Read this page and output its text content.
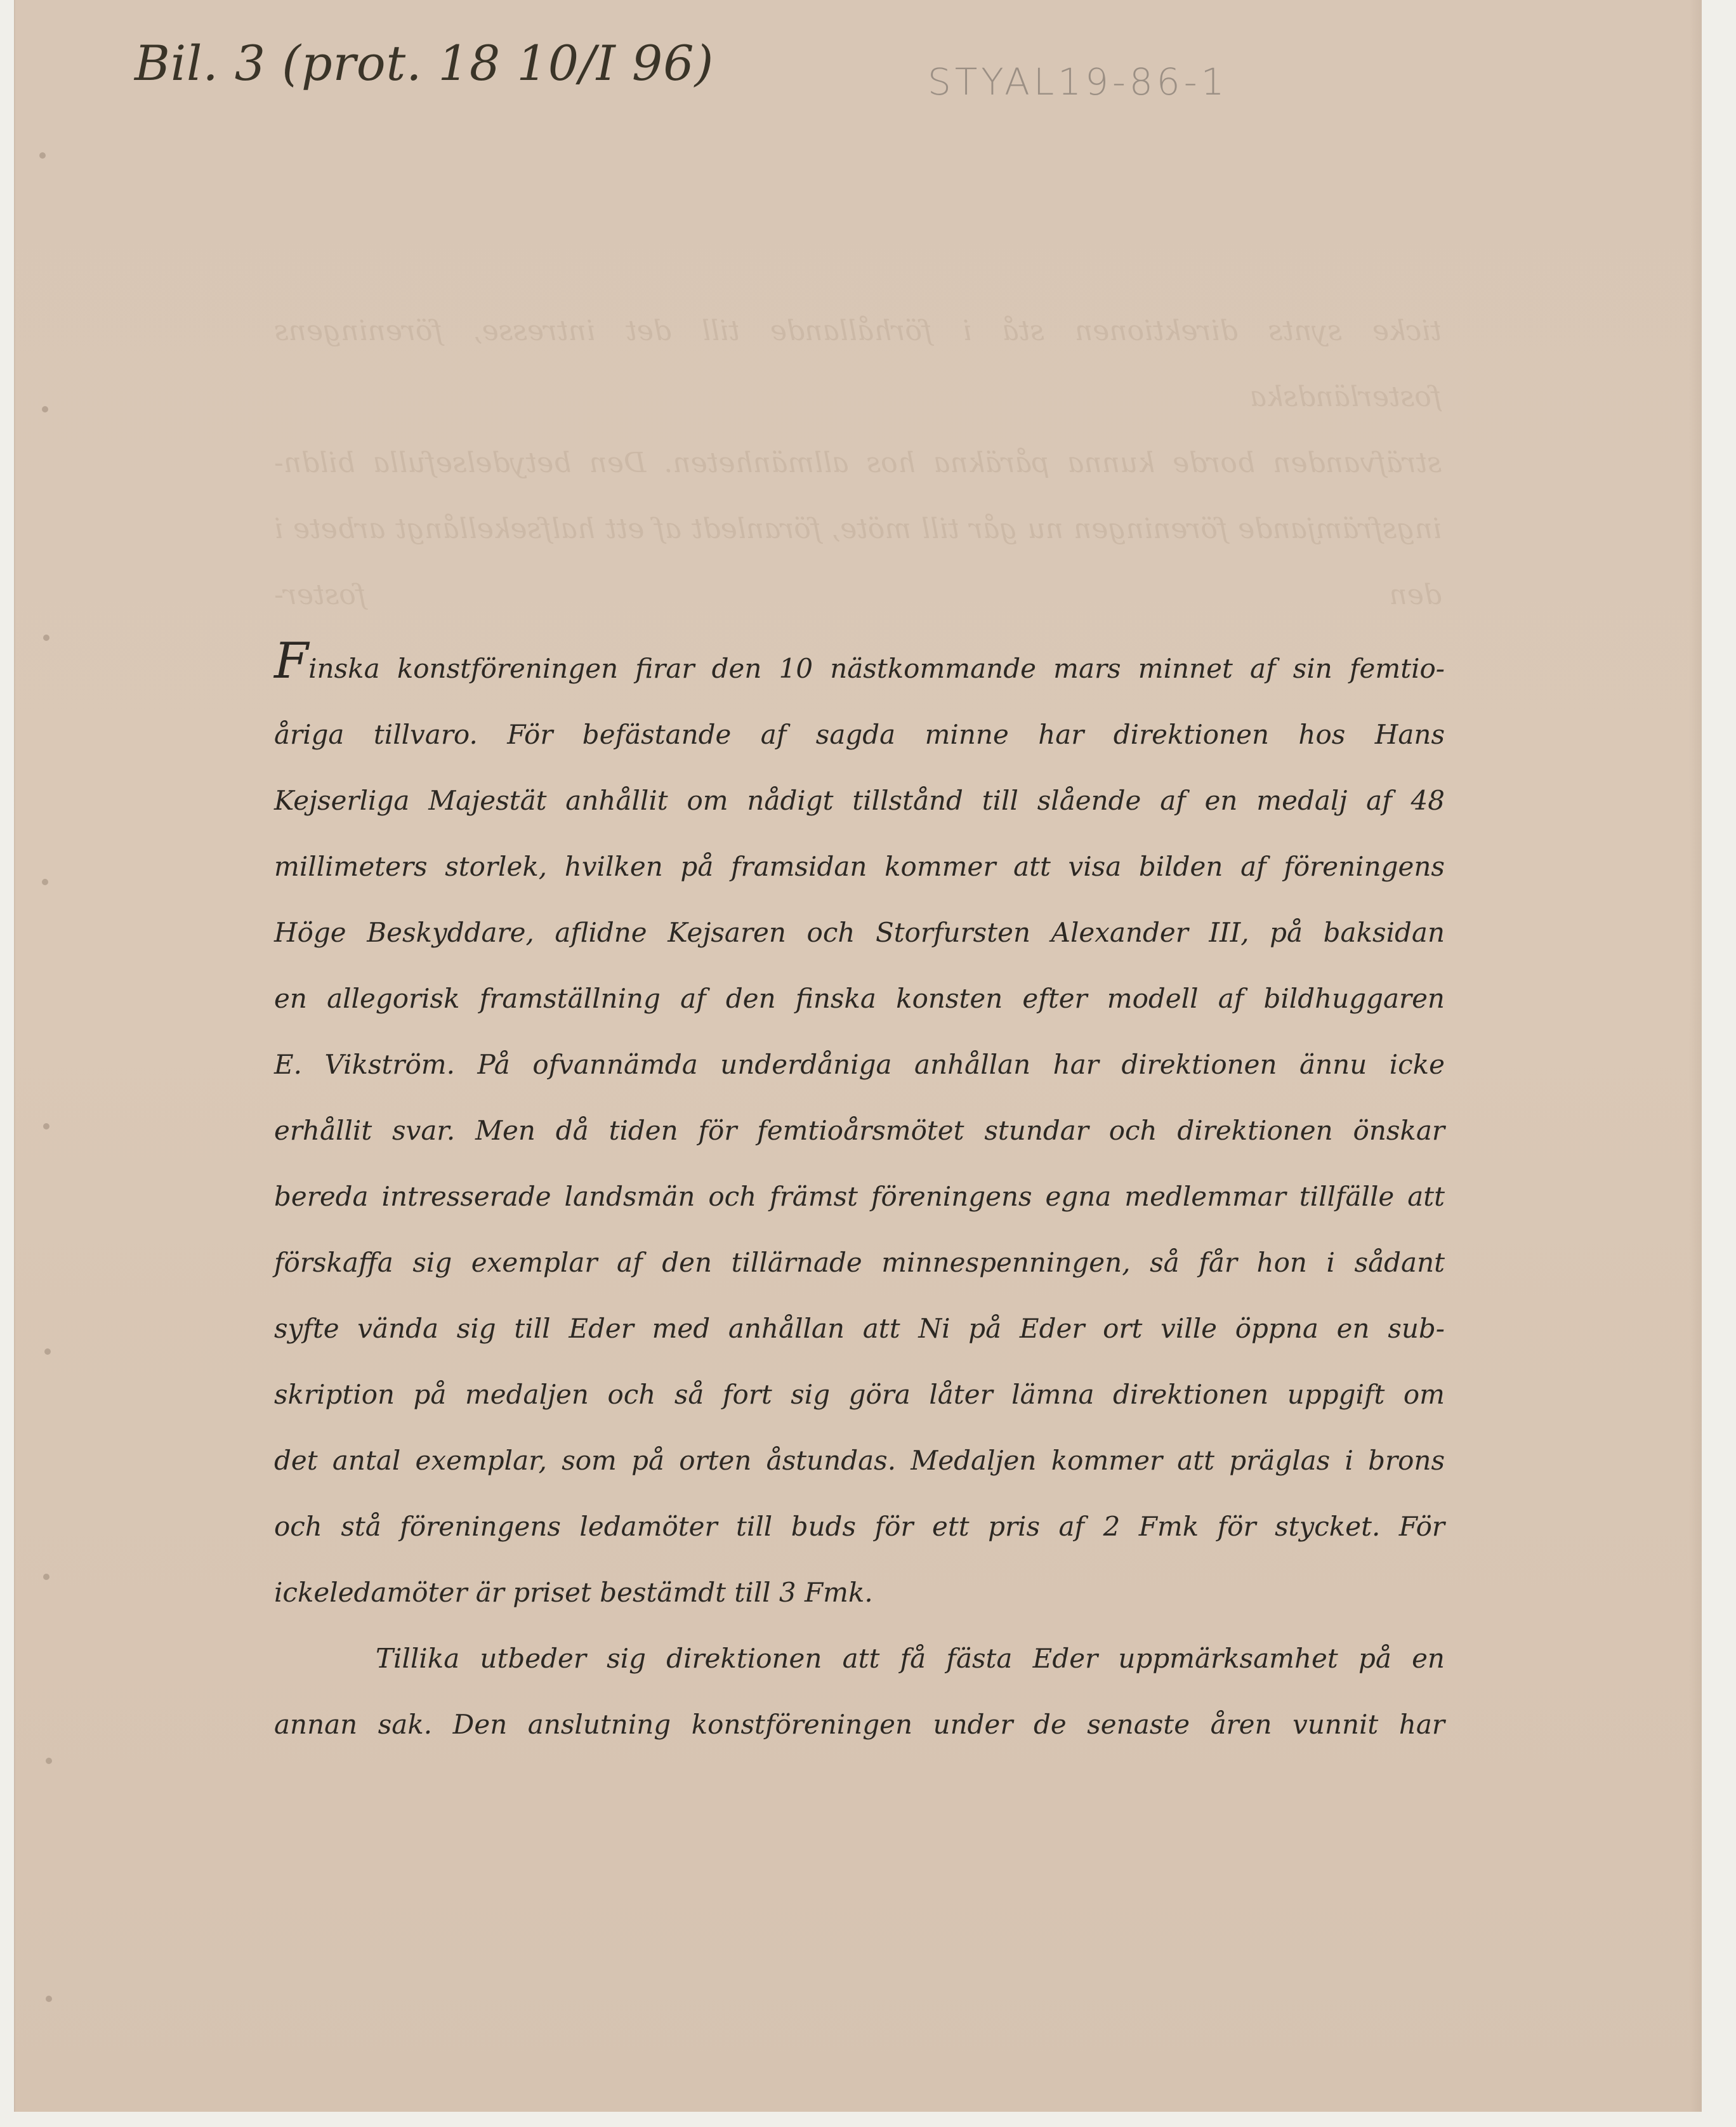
Bil. 3 (prot. 18 10/I 96)	STYAL19-86-1

ticke synts direktionen stå i förhållande till det intresse, föreningens fosterländska

sträfvanden borde kunna påräkna hos allmänheten. Den betydelsefulla bildn-

ingsfrämjande föreningen nu går till möte, föranledt af ett halfsekellångt arbete i den foster-

Finska konstföreningen firar den 10 nästkommande mars minnet af sin femtio-
åriga tillvaro. För befästande af sagda minne har direktionen hos Hans
Kejserliga Majestät anhållit om nådigt tillstånd till slående af en medalj af 48
millimeters storlek, hvilken på framsidan kommer att visa bilden af föreningens
Höge Beskyddare, aflidne Kejsaren och Storfursten Alexander III, på baksidan
en allegorisk framställning af den finska konsten efter modell af bildhuggaren
E. Vikström. På ofvannämda underdåniga anhållan har direktionen ännu icke
erhållit svar. Men då tiden för femtioårsmötet stundar och direktionen önskar
bereda intresserade landsmän och främst föreningens egna medlemmar tillfälle att
förskaffa sig exemplar af den tillärnade minnespenningen, så får hon i sådant
syfte vända sig till Eder med anhållan att Ni på Eder ort ville öppna en sub-
skription på medaljen och så fort sig göra låter lämna direktionen uppgift om
det antal exemplar, som på orten åstundas. Medaljen kommer att präglas i brons
och stå föreningens ledamöter till buds för ett pris af 2 Fmk för stycket. För
ickeledamöter är priset bestämdt till 3 Fmk.
Tillika utbeder sig direktionen att få fästa Eder uppmärksamhet på en
annan sak. Den anslutning konstföreningen under de senaste åren vunnit har
